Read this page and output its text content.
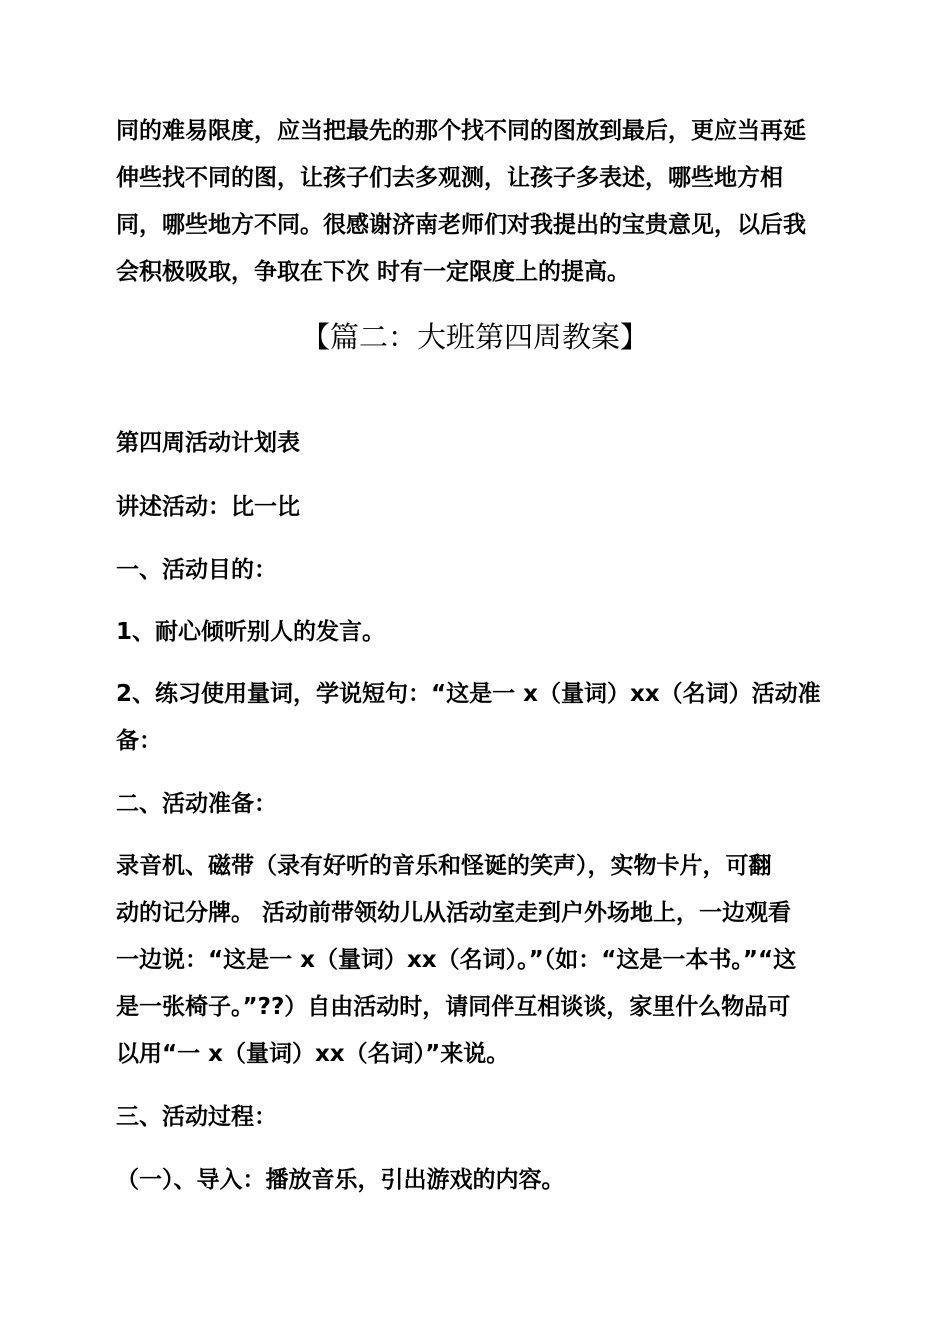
同的难易限度，应当把最先的那个找不同的图放到最后，更应当再延
伸些找不同的图，让孩子们去多观测，让孩子多表述，哪些地方相
同，哪些地方不同。很感谢济南老师们对我提出的宝贵意见，以后我
会积极吸取，争取在下次 时有一定限度上的提高。
【篇二：大班第四周教案】
第四周活动计划表
讲述活动：比一比
一、活动目的：
1、耐心倾听别人的发言。
2、练习使用量词，学说短句：“这是一 x（量词）xx（名词）活动准
备：
二、活动准备：
录音机、磁带（录有好听的音乐和怪诞的笑声），实物卡片，可翻
动的记分牌。 活动前带领幼儿从活动室走到户外场地上，一边观看
一边说：“这是一 x（量词）xx（名词）。”（如：“这是一本书。”“这
是一张椅子。”??）自由活动时，请同伴互相谈谈，家里什么物品可
以用“一 x（量词）xx（名词）”来说。
三、活动过程：
（一）、导入：播放音乐，引出游戏的内容。
